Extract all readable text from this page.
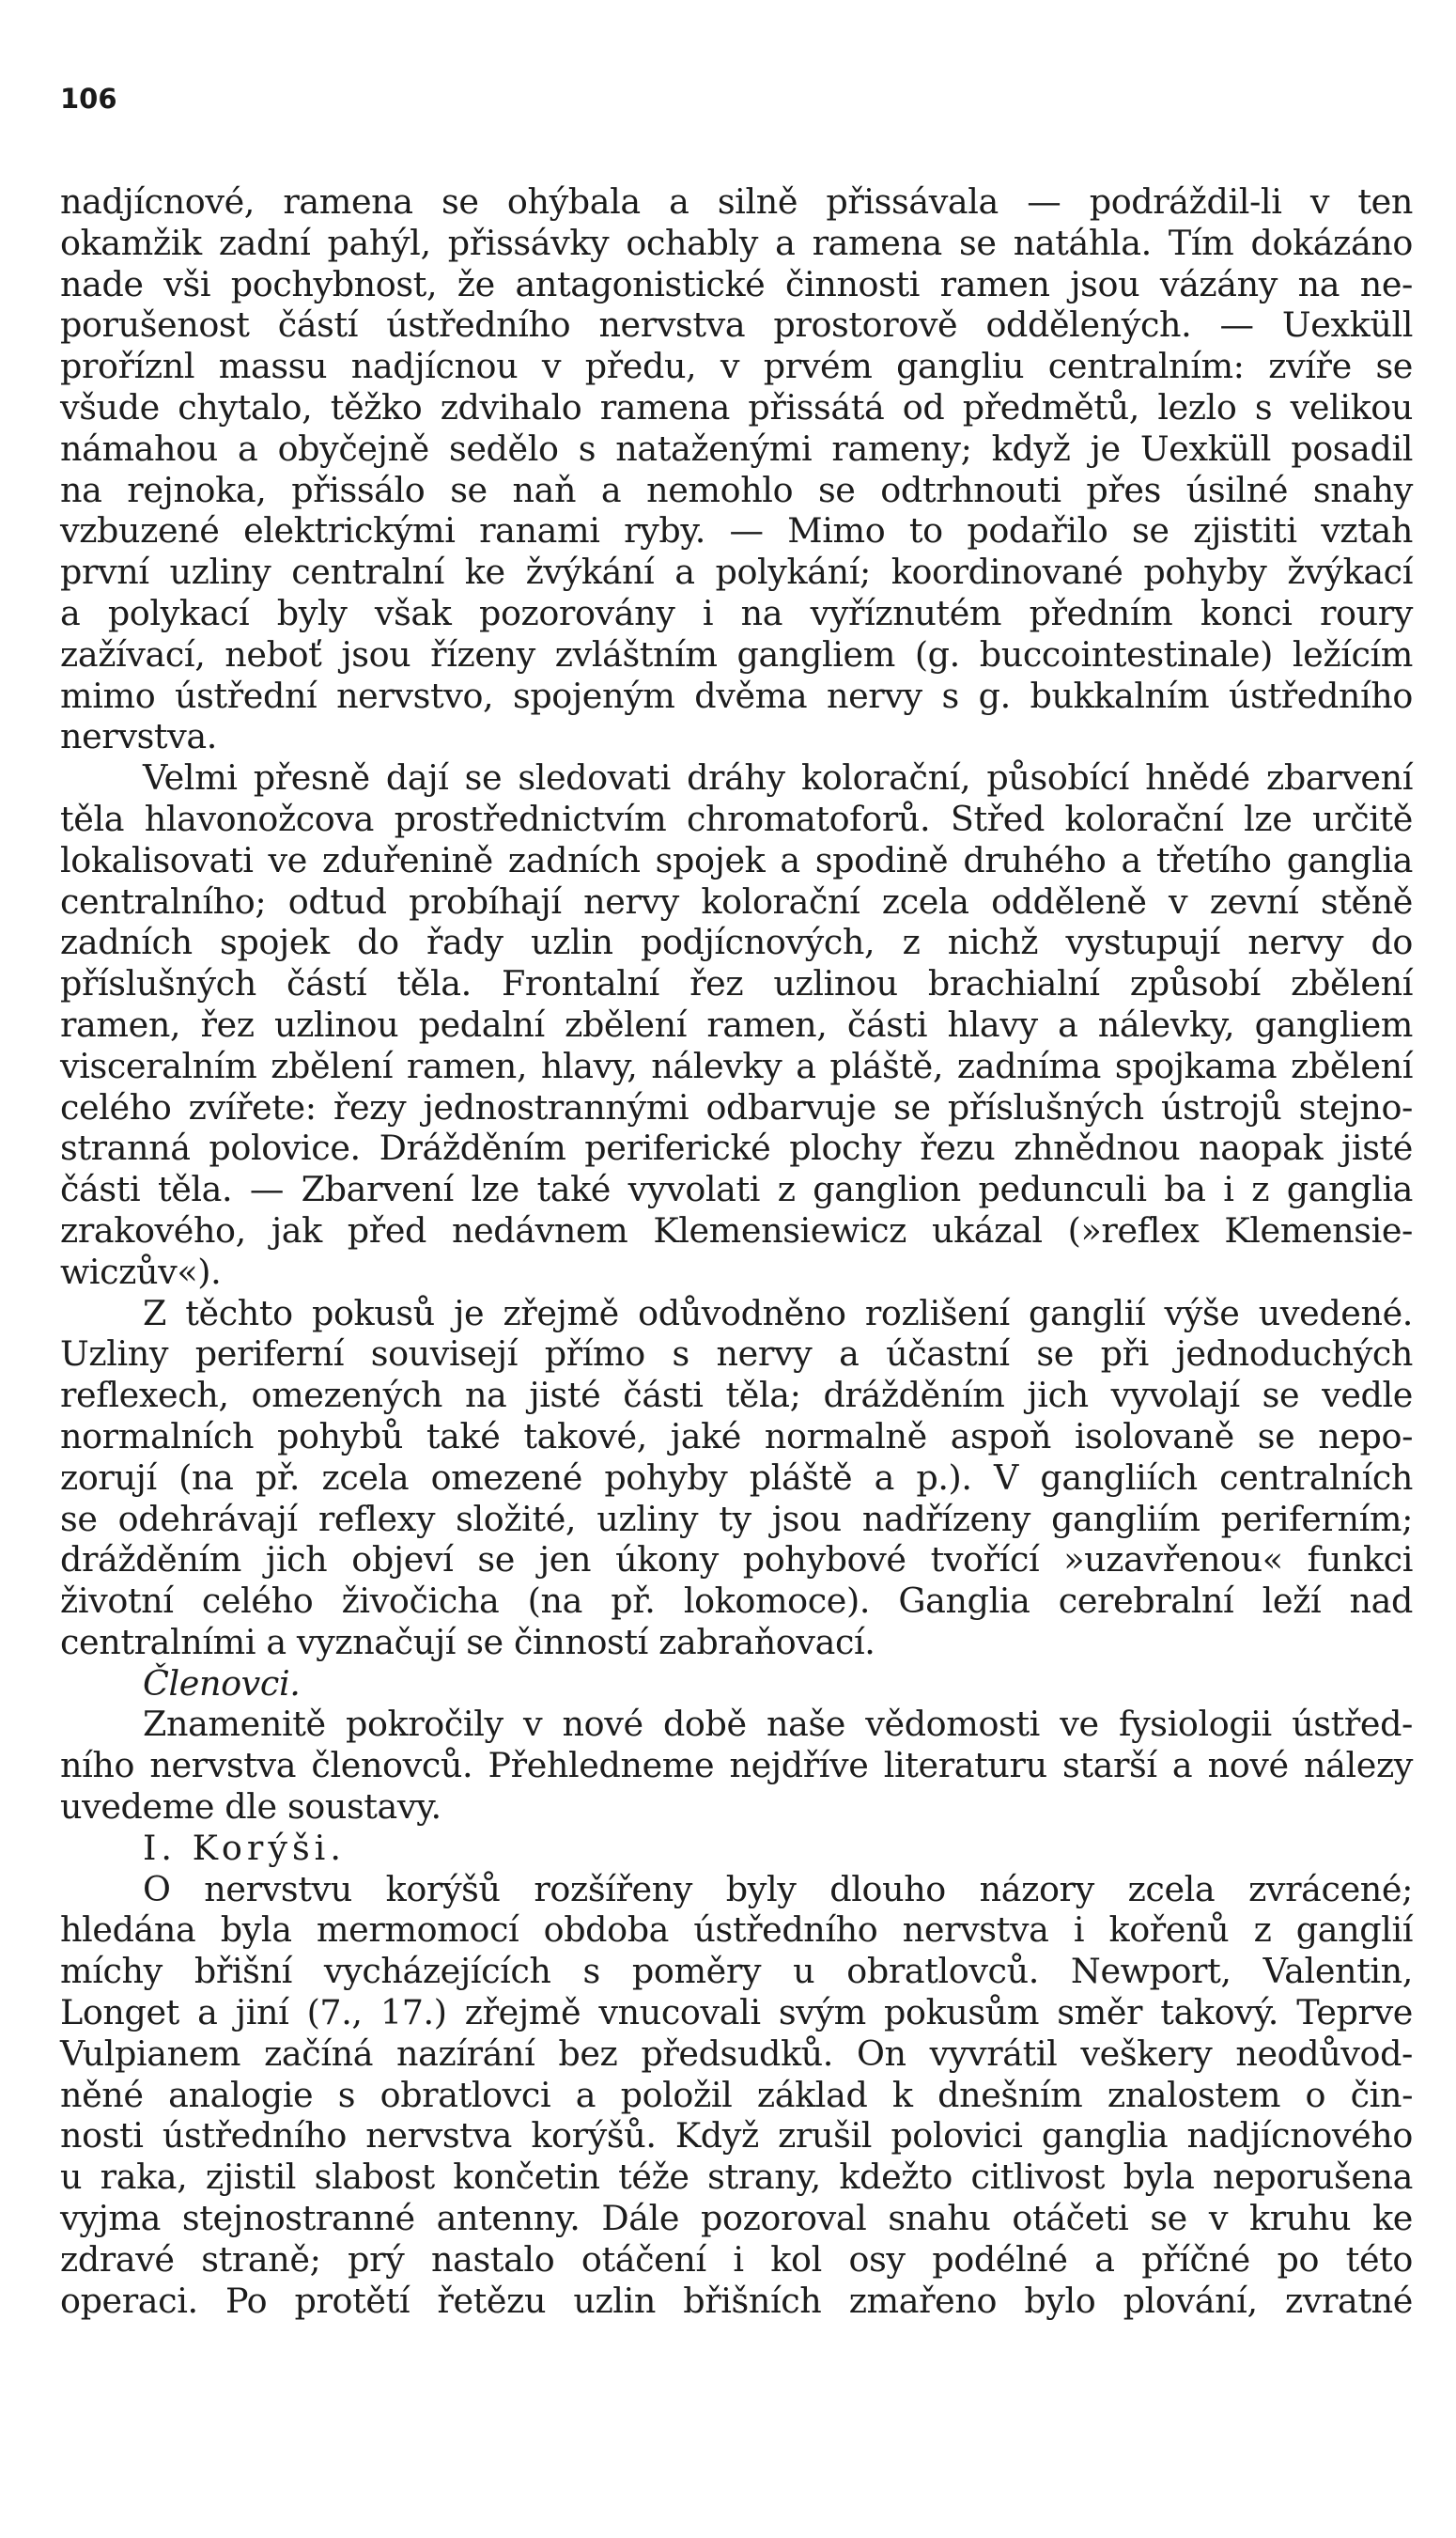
106
nadjícnové, ramena se ohýbala a silně přissávala — podráždil-li v ten
okamžik zadní pahýl, přissávky ochably a ramena se natáhla. Tím dokázáno
nade vši pochybnost, že antagonistické činnosti ramen jsou vázány na ne-
porušenost částí ústředního nervstva prostorově oddělených. — Uexküll
proříznl massu nadjícnou v předu, v prvém gangliu centralním: zvíře se
všude chytalo, těžko zdvihalo ramena přissátá od předmětů, lezlo s velikou
námahou a obyčejně sedělo s nataženými rameny; když je Uexküll posadil
na rejnoka, přissálo se naň a nemohlo se odtrhnouti přes úsilné snahy
vzbuzené elektrickými ranami ryby. — Mimo to podařilo se zjistiti vztah
první uzliny centralní ke žvýkání a polykání; koordinované pohyby žvýkací
a polykací byly však pozorovány i na vyříznutém předním konci roury
zažívací, neboť jsou řízeny zvláštním gangliem (g. buccointestinale) ležícím
mimo ústřední nervstvo, spojeným dvěma nervy s g. bukkalním ústředního
nervstva.
Velmi přesně dají se sledovati dráhy kolorační, působící hnědé zbarvení
těla hlavonožcova prostřednictvím chromatoforů. Střed kolorační lze určitě
lokalisovati ve zduřenině zadních spojek a spodině druhého a třetího ganglia
centralního; odtud probíhají nervy kolorační zcela odděleně v zevní stěně
zadních spojek do řady uzlin podjícnových, z nichž vystupují nervy do
příslušných částí těla. Frontalní řez uzlinou brachialní způsobí zbělení
ramen, řez uzlinou pedalní zbělení ramen, části hlavy a nálevky, gangliem
visceralním zbělení ramen, hlavy, nálevky a pláště, zadníma spojkama zbělení
celého zvířete: řezy jednostrannými odbarvuje se příslušných ústrojů stejno-
stranná polovice. Drážděním periferické plochy řezu zhnědnou naopak jisté
části těla. — Zbarvení lze také vyvolati z ganglion pedunculi ba i z ganglia
zrakového, jak před nedávnem Klemensiewicz ukázal (»reflex Klemensie-
wiczův«).
Z těchto pokusů je zřejmě odůvodněno rozlišení ganglií výše uvedené.
Uzliny periferní souvisejí přímo s nervy a účastní se při jednoduchých
reflexech, omezených na jisté části těla; drážděním jich vyvolají se vedle
normalních pohybů také takové, jaké normalně aspoň isolovaně se nepo-
zorují (na př. zcela omezené pohyby pláště a p.). V gangliích centralních
se odehrávají reflexy složité, uzliny ty jsou nadřízeny gangliím periferním;
drážděním jich objeví se jen úkony pohybové tvořící »uzavřenou« funkci
životní celého živočicha (na př. lokomoce). Ganglia cerebralní leží nad
centralními a vyznačují se činností zabraňovací.
Členovci.
Znamenitě pokročily v nové době naše vědomosti ve fysiologii ústřed-
ního nervstva členovců. Přehledneme nejdříve literaturu starší a nové nálezy
uvedeme dle soustavy.
I. Korýši.
O nervstvu korýšů rozšířeny byly dlouho názory zcela zvrácené;
hledána byla mermomocí obdoba ústředního nervstva i kořenů z ganglií
míchy břišní vycházejících s poměry u obratlovců. Newport, Valentin,
Longet a jiní (7., 17.) zřejmě vnucovali svým pokusům směr takový. Teprve
Vulpianem začíná nazírání bez předsudků. On vyvrátil veškery neodůvod-
něné analogie s obratlovci a položil základ k dnešním znalostem o čin-
nosti ústředního nervstva korýšů. Když zrušil polovici ganglia nadjícnového
u raka, zjistil slabost končetin téže strany, kdežto citlivost byla neporušena
vyjma stejnostranné antenny. Dále pozoroval snahu otáčeti se v kruhu ke
zdravé straně; prý nastalo otáčení i kol osy podélné a příčné po této
operaci. Po protětí řetězu uzlin břišních zmařeno bylo plování, zvratné
